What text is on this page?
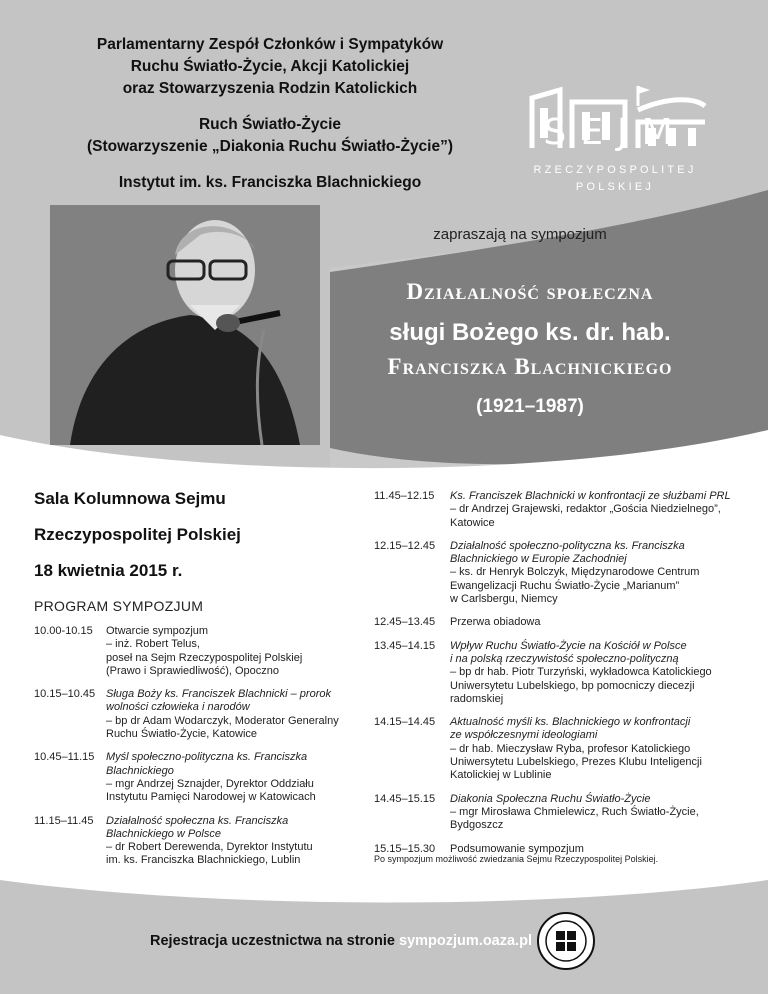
Parlamentarny Zespół Członków i Sympatyków
Ruchu Światło-Życie, Akcji Katolickiej
oraz Stowarzyszenia Rodzin Katolickich
Ruch Światło-Życie
(Stowarzyszenie „Diakonia Ruchu Światło-Życie”)
Instytut im. ks. Franciszka Blachnickiego
SEJM
RZECZYPOSPOLITEJ
POLSKIEJ
zapraszają na sympozjum
Działalność społeczna
sługi Bożego ks. dr. hab.
Franciszka Blachnickiego
(1921–1987)
Sala Kolumnowa Sejmu
Rzeczypospolitej Polskiej
18 kwietnia 2015 r.
PROGRAM SYMPOZJUM
10.00-10.15	Otwarcie sympozjum
– inż. Robert Telus,
poseł na Sejm Rzeczypospolitej Polskiej
(Prawo i Sprawiedliwość), Opoczno
10.15–10.45 Sługa Boży ks. Franciszek Blachnicki – prorok
wolności człowieka i narodów
– bp dr Adam Wodarczyk, Moderator Generalny
Ruchu Światło-Życie, Katowice
10.45–11.15	Myśl społeczno-polityczna ks. Franciszka
Blachnickiego
– mgr Andrzej Sznajder, Dyrektor Oddziału
Instytutu Pamięci Narodowej w Katowicach
11.15–11.45	Działalność społeczna ks. Franciszka
Blachnickiego w Polsce
– dr Robert Derewenda, Dyrektor Instytutu
im. ks. Franciszka Blachnickiego, Lublin
11.45–12.15	Ks. Franciszek Blachnicki w konfrontacji ze służbami PRL
– dr Andrzej Grajewski, redaktor „Gościa Niedzielnego”,
Katowice
12.15–12.45	Działalność społeczno-polityczna ks. Franciszka
Blachnickiego w Europie Zachodniej
– ks. dr Henryk Bolczyk, Międzynarodowe Centrum
Ewangelizacji Ruchu Światło-Życie „Marianum”
w Carlsbergu, Niemcy
12.45–13.45	Przerwa obiadowa
13.45–14.15	Wpływ Ruchu Światło-Życie na Kościół w Polsce
i na polską rzeczywistość społeczno-polityczną
– bp dr hab. Piotr Turzyński, wykładowca Katolickiego
Uniwersytetu Lubelskiego, bp pomocniczy diecezji
radomskiej
14.15–14.45	Aktualność myśli ks. Blachnickiego w konfrontacji
ze współczesnymi ideologiami
– dr hab. Mieczysław Ryba, profesor Katolickiego
Uniwersytetu Lubelskiego, Prezes Klubu Inteligencji
Katolickiej w Lublinie
14.45–15.15	Diakonia Społeczna Ruchu Światło-Życie
– mgr Mirosława Chmielewicz, Ruch Światło-Życie,
Bydgoszcz
15.15–15.30	Podsumowanie sympozjum
Po sympozjum możliwość zwiedzania Sejmu Rzeczypospolitej Polskiej.
Rejestracja uczestnictwa na stronie sympozjum.oaza.pl
